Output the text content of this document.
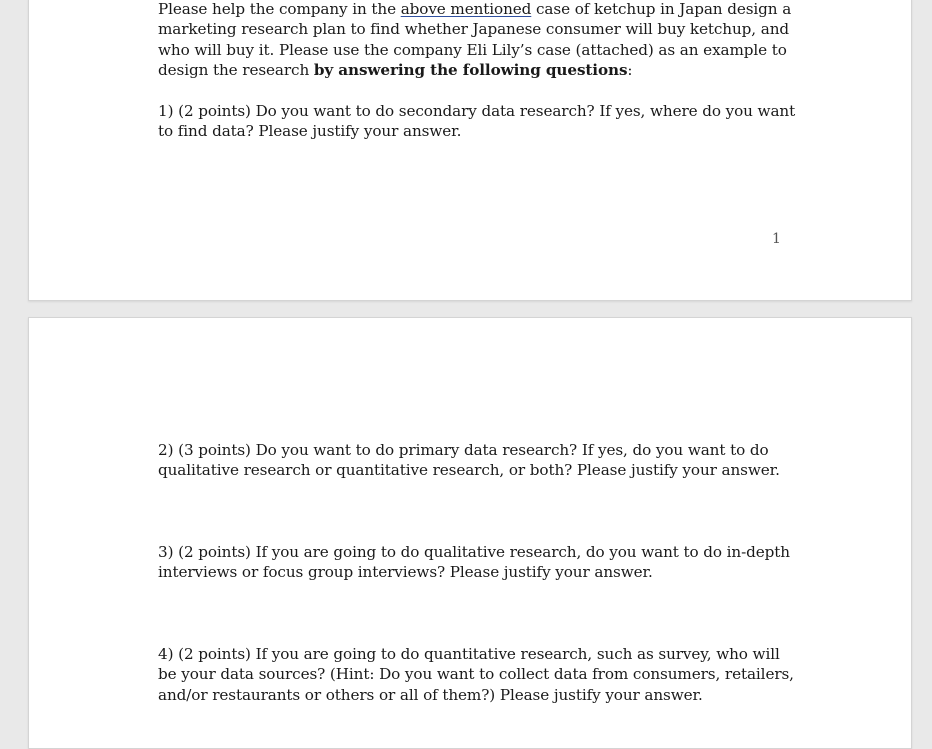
Please help the company in the above mentioned case of ketchup in Japan design a marketing research plan to find whether Japanese consumer will buy ketchup, and who will buy it. Please use the company Eli Lily’s case (attached) as an example to design the research by answering the following questions:

1) (2 points) Do you want to do secondary data research? If yes, where do you want to find data? Please justify your answer.

1

2) (3 points) Do you want to do primary data research? If yes, do you want to do qualitative research or quantitative research, or both? Please justify your answer.

3) (2 points) If you are going to do qualitative research, do you want to do in-depth interviews or focus group interviews? Please justify your answer.

4) (2 points) If you are going to do quantitative research, such as survey, who will be your data sources? (Hint: Do you want to collect data from consumers, retailers, and/or restaurants or others or all of them?) Please justify your answer.
